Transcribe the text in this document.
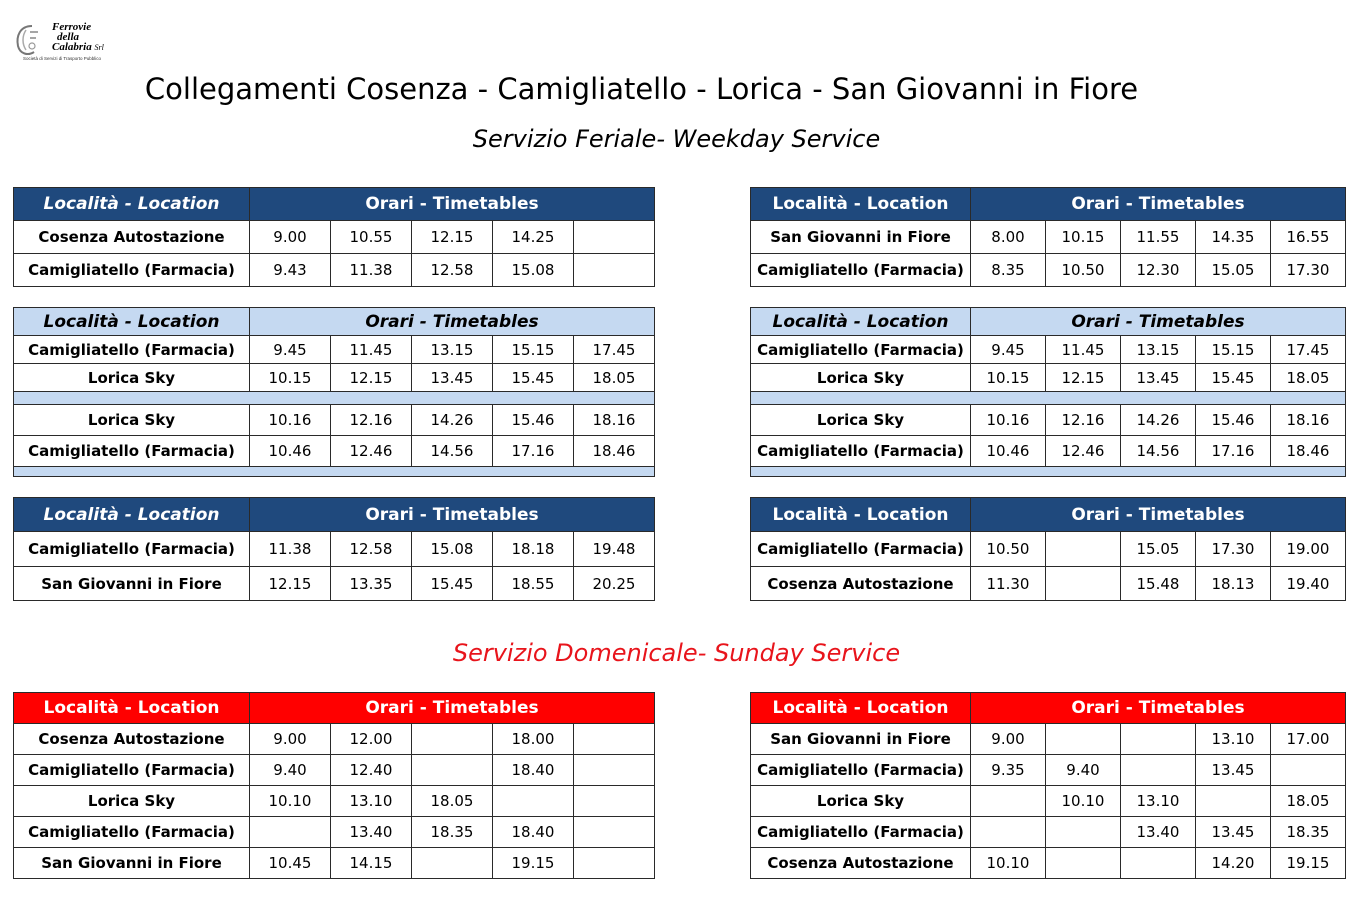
Ferrovie
della
Calabria Srl
Società di Servizi di Trasporto Pubblico
Collegamenti Cosenza - Camigliatello - Lorica - San Giovanni in Fiore
Servizio Feriale- Weekday Service
Servizio Domenicale- Sunday Service
Località - Location	Orari - Timetables				
Cosenza Autostazione	9.00	10.55	12.15	14.25	
Camigliatello (Farmacia)	9.43	11.38	12.58	15.08	
Località - Location	Orari - Timetables				
San Giovanni in Fiore	8.00	10.15	11.55	14.35	16.55
Camigliatello (Farmacia)	8.35	10.50	12.30	15.05	17.30
Località - Location	Orari - Timetables				
Camigliatello (Farmacia)	9.45	11.45	13.15	15.15	17.45
Lorica Sky	10.15	12.15	13.45	15.45	18.05

Lorica Sky	10.16	12.16	14.26	15.46	18.16
Camigliatello (Farmacia)	10.46	12.46	14.56	17.16	18.46

Località - Location	Orari - Timetables				
Camigliatello (Farmacia)	9.45	11.45	13.15	15.15	17.45
Lorica Sky	10.15	12.15	13.45	15.45	18.05

Lorica Sky	10.16	12.16	14.26	15.46	18.16
Camigliatello (Farmacia)	10.46	12.46	14.56	17.16	18.46

Località - Location	Orari - Timetables				
Camigliatello (Farmacia)	11.38	12.58	15.08	18.18	19.48
San Giovanni in Fiore	12.15	13.35	15.45	18.55	20.25
Località - Location	Orari - Timetables				
Camigliatello (Farmacia)	10.50		15.05	17.30	19.00
Cosenza Autostazione	11.30		15.48	18.13	19.40
Località - Location	Orari - Timetables				
Cosenza Autostazione	9.00	12.00		18.00	
Camigliatello (Farmacia)	9.40	12.40		18.40	
Lorica Sky	10.10	13.10	18.05		
Camigliatello (Farmacia)		13.40	18.35	18.40	
San Giovanni in Fiore	10.45	14.15		19.15	
Località - Location	Orari - Timetables				
San Giovanni in Fiore	9.00			13.10	17.00
Camigliatello (Farmacia)	9.35	9.40		13.45	
Lorica Sky		10.10	13.10		18.05
Camigliatello (Farmacia)			13.40	13.45	18.35
Cosenza Autostazione	10.10			14.20	19.15
